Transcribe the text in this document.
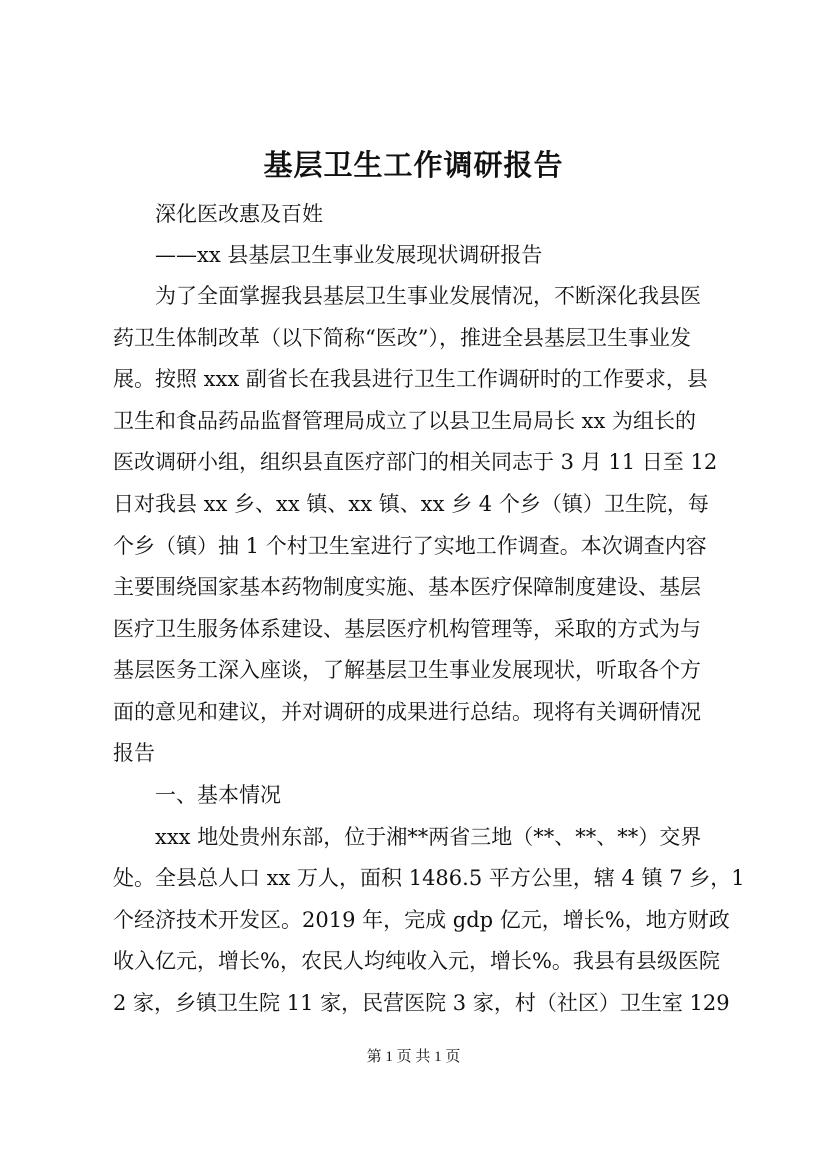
基层卫生工作调研报告
深化医改惠及百姓
——xx 县基层卫生事业发展现状调研报告
为了全面掌握我县基层卫生事业发展情况，不断深化我县医
药卫生体制改革（以下简称“医改”），推进全县基层卫生事业发
展。按照 xxx 副省长在我县进行卫生工作调研时的工作要求，县
卫生和食品药品监督管理局成立了以县卫生局局长 xx 为组长的
医改调研小组，组织县直医疗部门的相关同志于 3 月 11 日至 12
日对我县 xx 乡、xx 镇、xx 镇、xx 乡 4 个乡（镇）卫生院，每
个乡（镇）抽 1 个村卫生室进行了实地工作调查。本次调查内容
主要围绕国家基本药物制度实施、基本医疗保障制度建设、基层
医疗卫生服务体系建设、基层医疗机构管理等，采取的方式为与
基层医务工深入座谈，了解基层卫生事业发展现状，听取各个方
面的意见和建议，并对调研的成果进行总结。现将有关调研情况
报告
一、基本情况
xxx 地处贵州东部，位于湘**两省三地（**、**、**）交界
处。全县总人口 xx 万人，面积 1486.5 平方公里，辖 4 镇 7 乡，1
个经济技术开发区。2019 年，完成 gdp 亿元，增长%，地方财政
收入亿元，增长%，农民人均纯收入元，增长%。我县有县级医院
2 家，乡镇卫生院 11 家，民营医院 3 家，村（社区）卫生室 129
第 1 页 共 1 页
